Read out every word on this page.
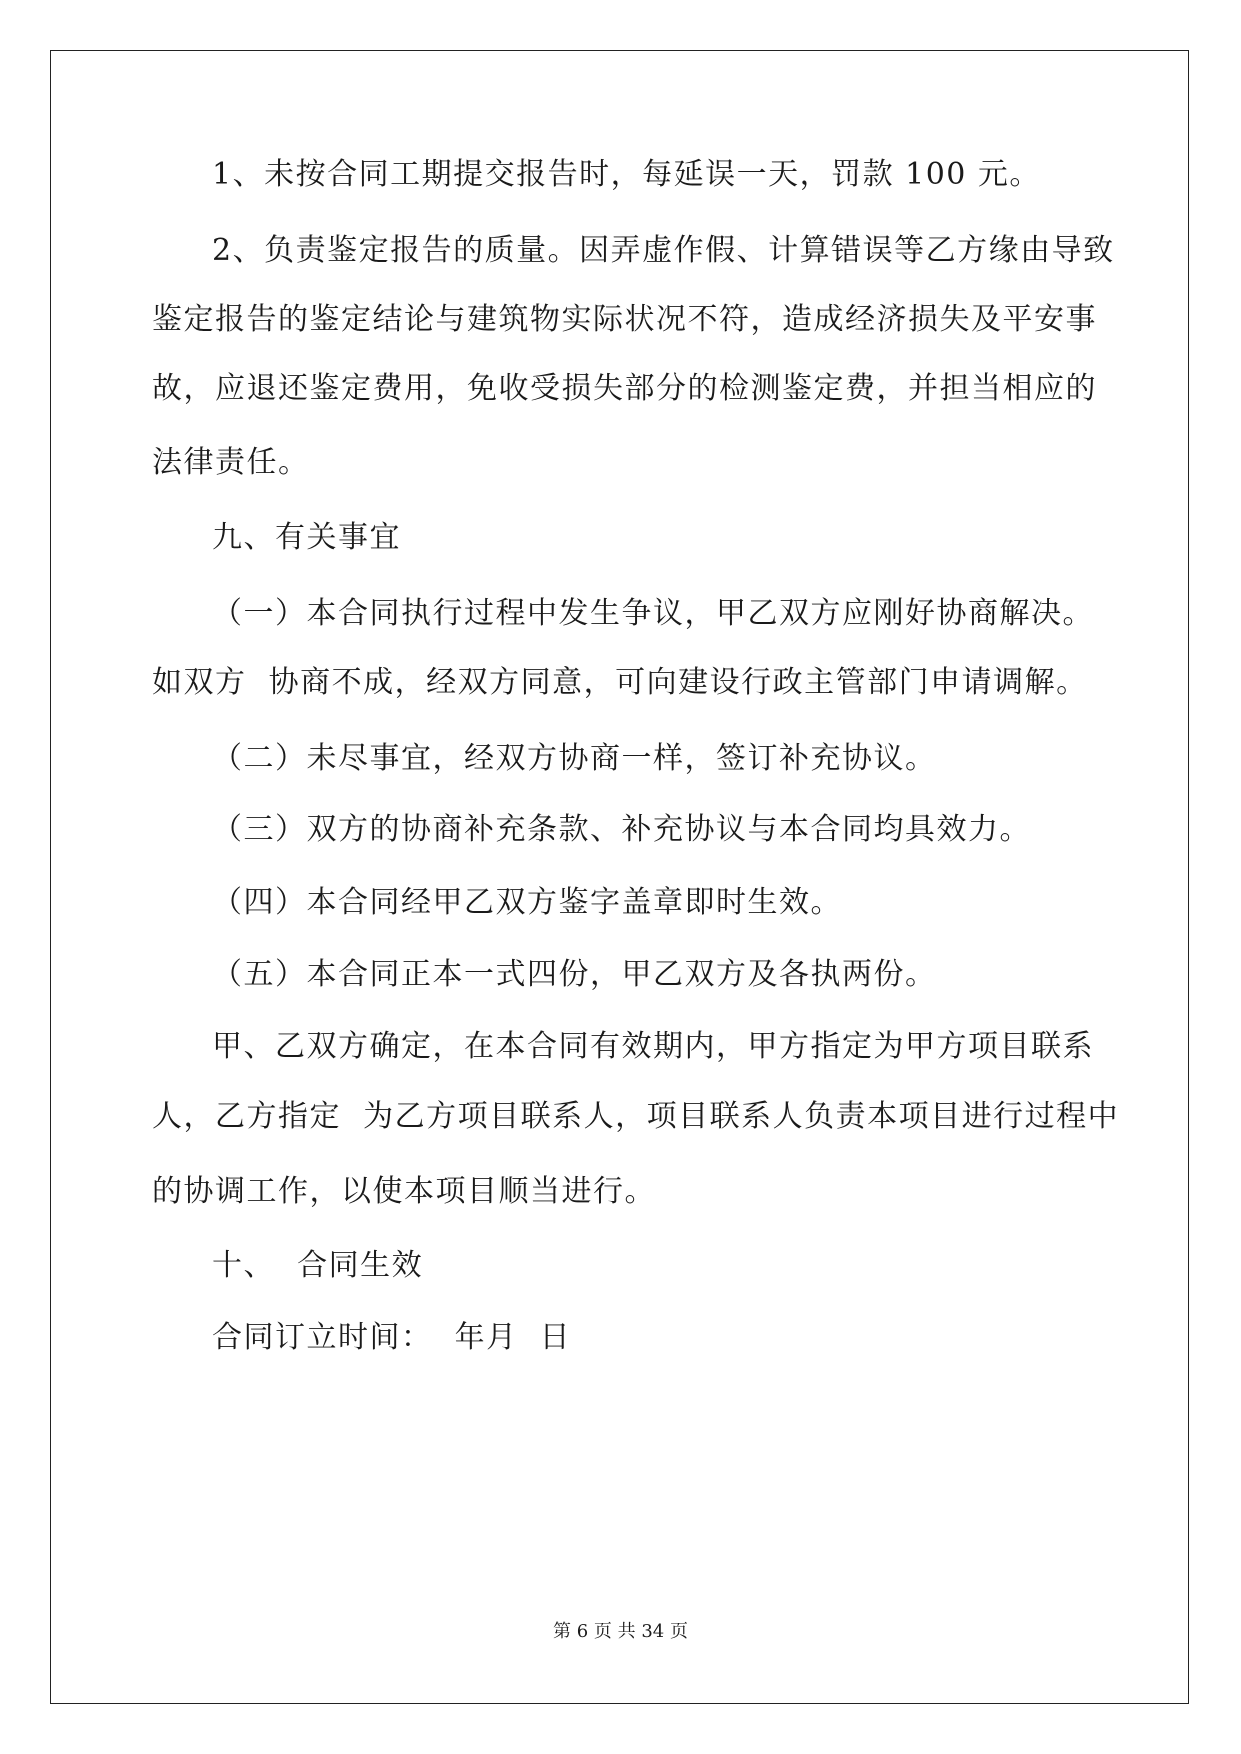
1、未按合同工期提交报告时，每延误一天，罚款 100 元。
2、负责鉴定报告的质量。因弄虚作假、计算错误等乙方缘由导致
鉴定报告的鉴定结论与建筑物实际状况不符，造成经济损失及平安事
故，应退还鉴定费用，免收受损失部分的检测鉴定费，并担当相应的
法律责任。
九、有关事宜
（一）本合同执行过程中发生争议，甲乙双方应刚好协商解决。
如双方  协商不成，经双方同意，可向建设行政主管部门申请调解。
（二）未尽事宜，经双方协商一样，签订补充协议。
（三）双方的协商补充条款、补充协议与本合同均具效力。
（四）本合同经甲乙双方鉴字盖章即时生效。
（五）本合同正本一式四份，甲乙双方及各执两份。
甲、乙双方确定，在本合同有效期内，甲方指定为甲方项目联系
人，乙方指定  为乙方项目联系人，项目联系人负责本项目进行过程中
的协调工作，以使本项目顺当进行。
十、  合同生效
合同订立时间：  年月  日
第 6 页 共 34 页
